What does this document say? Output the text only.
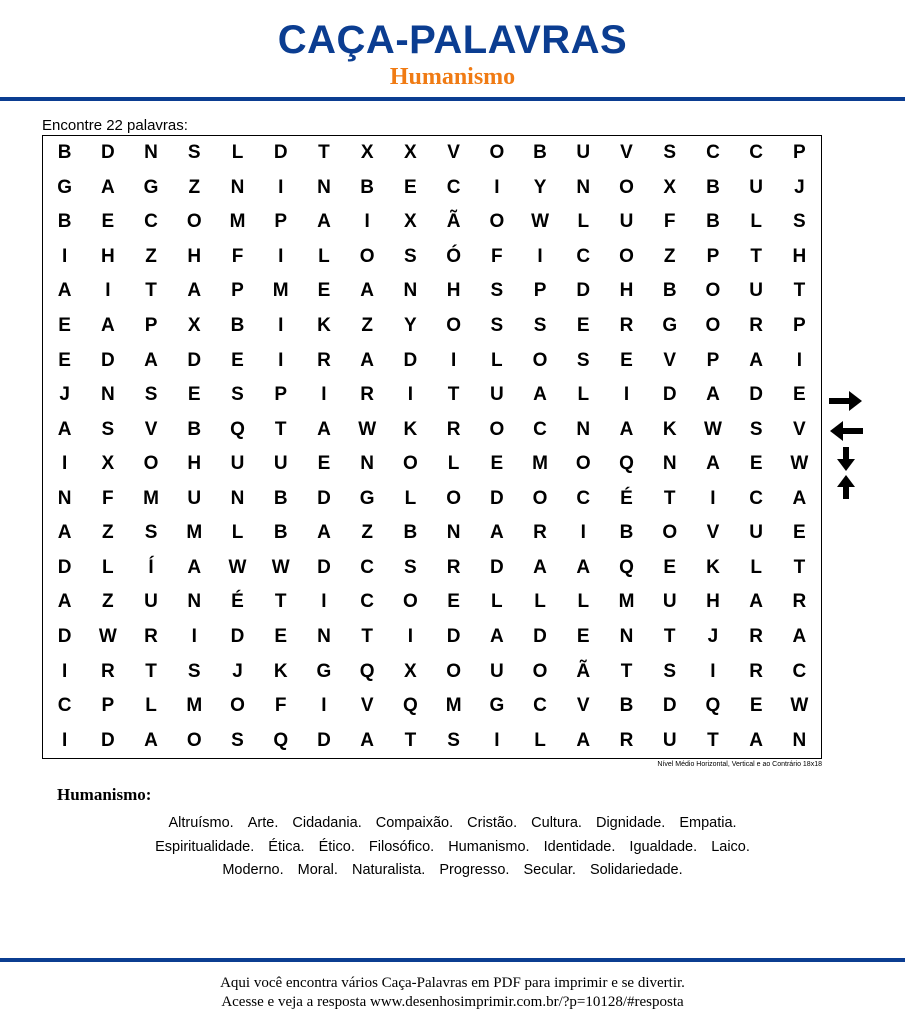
CAÇA-PALAVRAS
Humanismo
Encontre 22 palavras:
B	D	N	S	L	D	T	X	X	V	O	B	U	V	S	C	C	P
G	A	G	Z	N	I	N	B	E	C	I	Y	N	O	X	B	U	J
B	E	C	O	M	P	A	I	X	Ã	O	W	L	U	F	B	L	S
I	H	Z	H	F	I	L	O	S	Ó	F	I	C	O	Z	P	T	H
A	I	T	A	P	M	E	A	N	H	S	P	D	H	B	O	U	T
E	A	P	X	B	I	K	Z	Y	O	S	S	E	R	G	O	R	P
E	D	A	D	E	I	R	A	D	I	L	O	S	E	V	P	A	I
J	N	S	E	S	P	I	R	I	T	U	A	L	I	D	A	D	E
A	S	V	B	Q	T	A	W	K	R	O	C	N	A	K	W	S	V
I	X	O	H	U	U	E	N	O	L	E	M	O	Q	N	A	E	W
N	F	M	U	N	B	D	G	L	O	D	O	C	É	T	I	C	A
A	Z	S	M	L	B	A	Z	B	N	A	R	I	B	O	V	U	E
D	L	Í	A	W	W	D	C	S	R	D	A	A	Q	E	K	L	T
A	Z	U	N	É	T	I	C	O	E	L	L	L	M	U	H	A	R
D	W	R	I	D	E	N	T	I	D	A	D	E	N	T	J	R	A
I	R	T	S	J	K	G	Q	X	O	U	O	Ã	T	S	I	R	C
C	P	L	M	O	F	I	V	Q	M	G	C	V	B	D	Q	E	W
I	D	A	O	S	Q	D	A	T	S	I	L	A	R	U	T	A	N
Nível Médio Horizontal, Vertical e ao Contrário 18x18
Humanismo:
Altruísmo. Arte. Cidadania. Compaixão. Cristão. Cultura. Dignidade. Empatia.
Espiritualidade. Ética. Ético. Filosófico. Humanismo. Identidade. Igualdade. Laico.
Moderno. Moral. Naturalista. Progresso. Secular. Solidariedade.
Aqui você encontra vários Caça-Palavras em PDF para imprimir e se divertir.
Acesse e veja a resposta www.desenhosimprimir.com.br/?p=10128/#resposta
